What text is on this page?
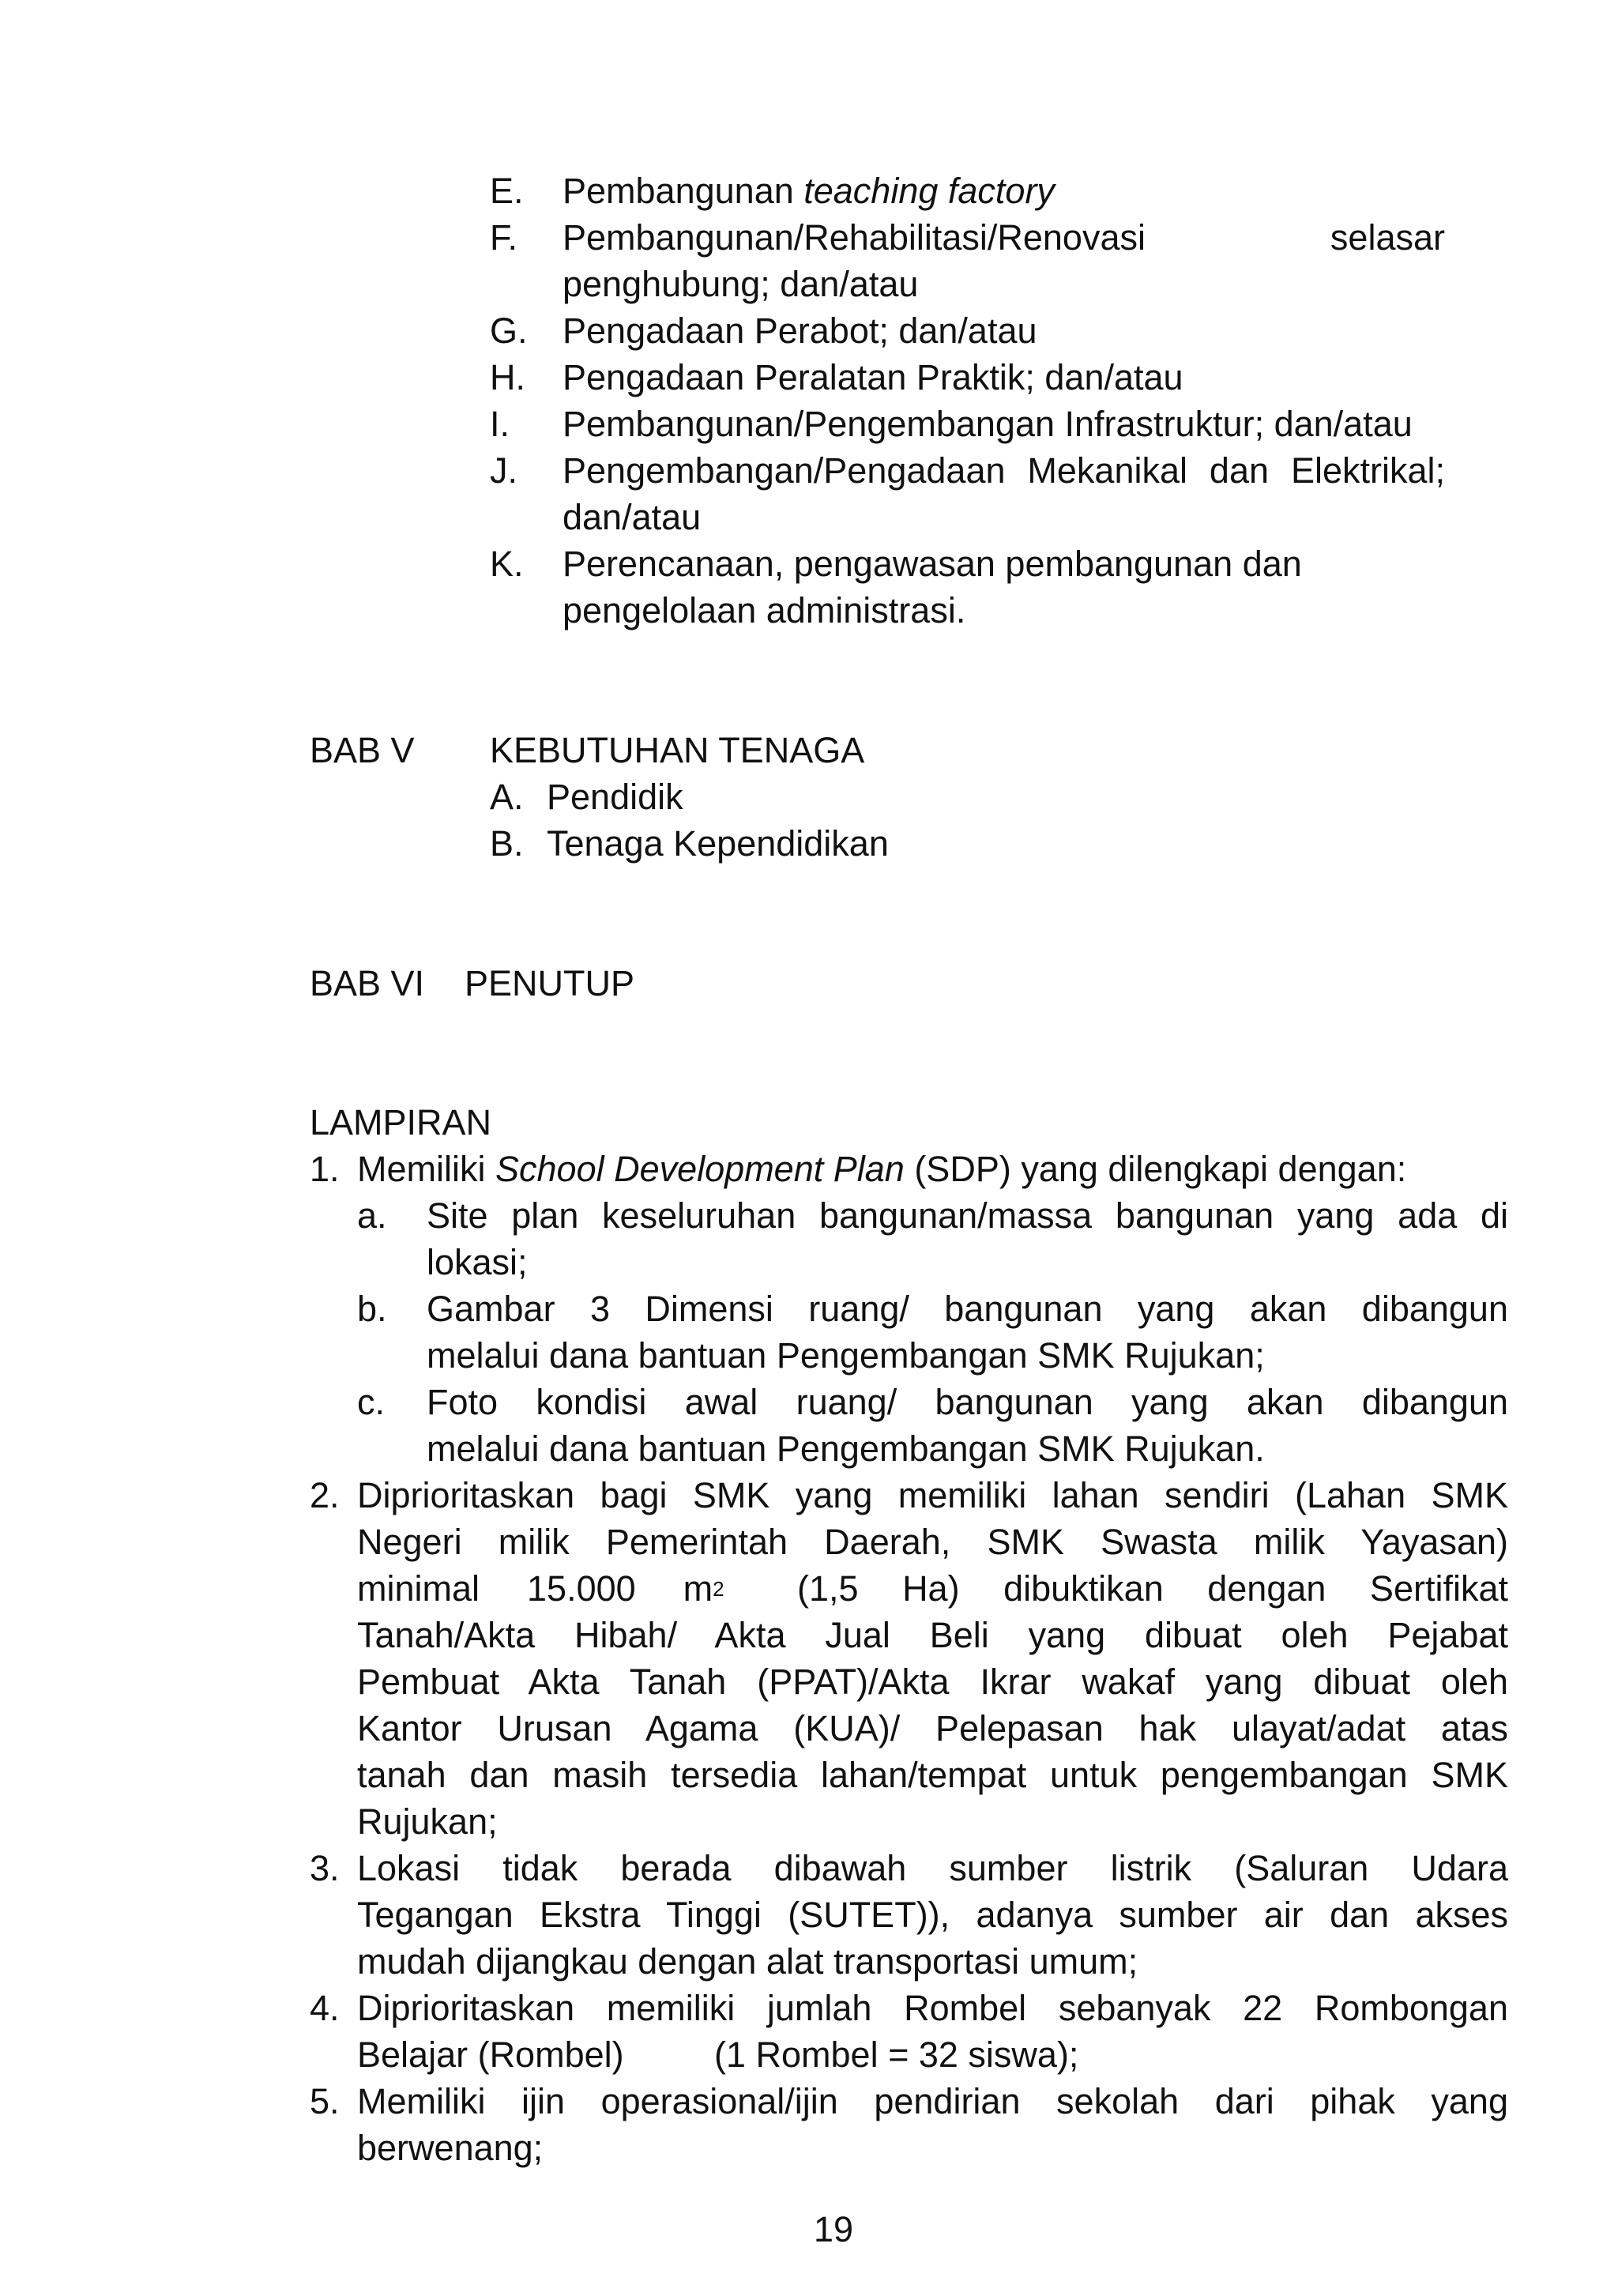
E. Pembangunan teaching factory
F. Pembangunan/Rehabilitasi/Renovasi	selasar
penghubung; dan/atau
G. Pengadaan Perabot; dan/atau
H. Pengadaan Peralatan Praktik; dan/atau
I. Pembangunan/Pengembangan Infrastruktur; dan/atau
J. Pengembangan/Pengadaan Mekanikal dan Elektrikal;
dan/atau
K. Perencanaan, pengawasan pembangunan dan
pengelolaan administrasi.
BAB V KEBUTUHAN TENAGA
A. Pendidik
B. Tenaga Kependidikan
BAB VI PENUTUP
LAMPIRAN
1. Memiliki School Development Plan (SDP) yang dilengkapi dengan:
a. Site plan keseluruhan bangunan/massa bangunan yang ada di
lokasi;
b. Gambar 3 Dimensi ruang/ bangunan yang akan dibangun
melalui dana bantuan Pengembangan SMK Rujukan;
c. Foto kondisi awal ruang/ bangunan yang akan dibangun
melalui dana bantuan Pengembangan SMK Rujukan.
2. Diprioritaskan bagi SMK yang memiliki lahan sendiri (Lahan SMK
Negeri milik Pemerintah Daerah, SMK Swasta milik Yayasan)
minimal 15.000 $m^2$ (1,5 Ha) dibuktikan dengan Sertifikat
Tanah/Akta Hibah/ Akta Jual Beli yang dibuat oleh Pejabat
Pembuat Akta Tanah (PPAT)/Akta Ikrar wakaf yang dibuat oleh
Kantor Urusan Agama (KUA)/ Pelepasan hak ulayat/adat atas
tanah dan masih tersedia lahan/tempat untuk pengembangan SMK
Rujukan;
3. Lokasi tidak berada dibawah sumber listrik (Saluran Udara
Tegangan Ekstra Tinggi (SUTET)), adanya sumber air dan akses
mudah dijangkau dengan alat transportasi umum;
4. Diprioritaskan memiliki jumlah Rombel sebanyak 22 Rombongan
Belajar (Rombel)	(1 Rombel = 32 siswa);
5. Memiliki ijin operasional/ijin pendirian sekolah dari pihak yang
berwenang;
19
